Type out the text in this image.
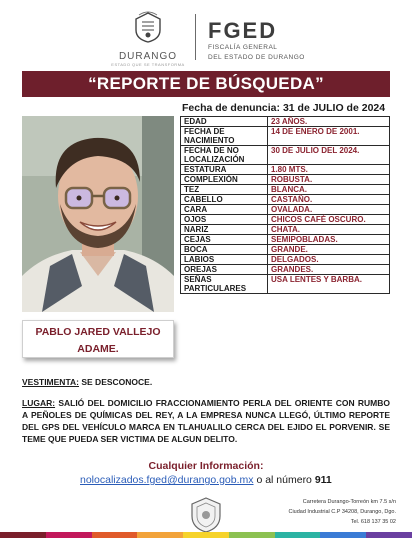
DURANGO
ESTADO QUE SE TRANSFORMA
FGED
FISCALÍA GENERAL
DEL ESTADO DE DURANGO
“REPORTE DE BÚSQUEDA”
Fecha de denuncia: 31 de JULIO de 2024
PABLO JARED VALLEJO
ADAME.
EDAD	23 AÑOS.
FECHA DE NACIMIENTO	14 DE ENERO DE 2001.
FECHA DE NO LOCALIZACIÓN	30 DE JULIO DEL 2024.
ESTATURA	1.80 MTS.
COMPLEXIÓN	ROBUSTA.
TEZ	BLANCA.
CABELLO	CASTAÑO.
CARA	OVALADA.
OJOS	CHICOS CAFÉ OSCURO.
NARIZ	CHATA.
CEJAS	SEMIPOBLADAS.
BOCA	GRANDE.
LABIOS	DELGADOS.
OREJAS	GRANDES.
SEÑAS PARTICULARES	USA LENTES Y BARBA.
VESTIMENTA: SE DESCONOCE.
LUGAR: SALIÓ DEL DOMICILIO FRACCIONAMIENTO PERLA DEL ORIENTE CON RUMBO A PEÑOLES DE QUÍMICAS DEL REY, A LA EMPRESA NUNCA LLEGÓ, ÚLTIMO REPORTE DEL GPS DEL VEHÍCULO MARCA EN TLAHUALILO CERCA DEL EJIDO EL PORVENIR. SE TEME QUE PUEDA SER VICTIMA DE ALGUN DELITO.
Cualquier Información:
nolocalizados.fged@durango.gob.mx o al número 911
Carretera Durango-Torreón km 7.5 s/n
Ciudad Industrial C.P 34208, Durango, Dgo.
Tel. 618 137 35 02
